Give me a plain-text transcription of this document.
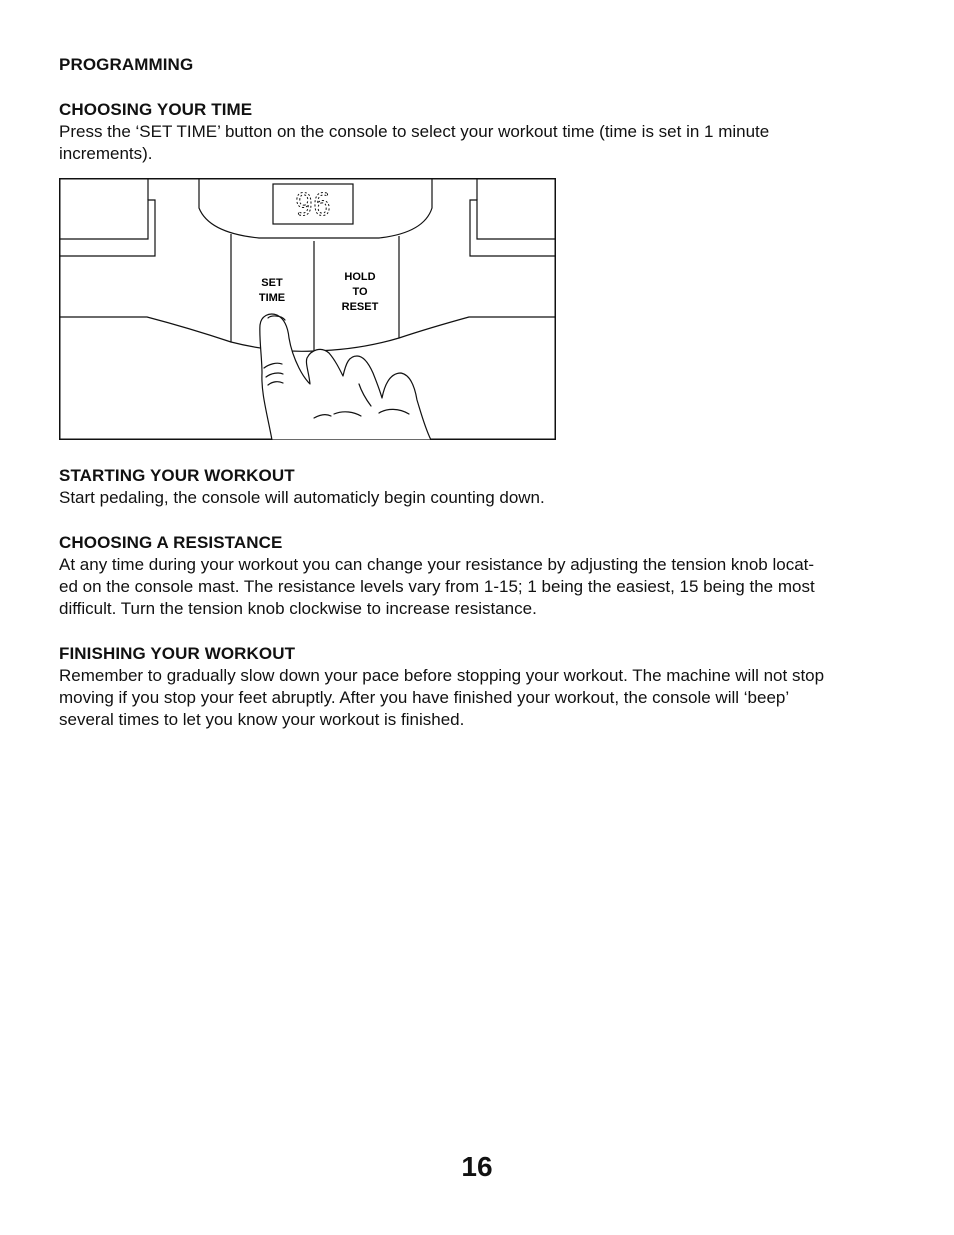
PROGRAMMING

CHOOSING YOUR TIME

Press the ‘SET TIME’ button on the console to select your workout time (time is set in 1 minute

increments).

96
SET
TIME
HOLD
TO
RESET

STARTING YOUR WORKOUT

Start pedaling, the console will automaticly begin counting down.

CHOOSING A RESISTANCE

At any time during your workout you can change your resistance by adjusting the tension knob locat-

ed on the console mast. The resistance levels vary from 1-15; 1 being the easiest, 15 being the most

difficult. Turn the tension knob clockwise to increase resistance.

FINISHING YOUR WORKOUT

Remember to gradually slow down your pace before stopping your workout. The machine will not stop

moving if you stop your feet abruptly. After you have finished your workout, the console will ‘beep’

several times to let you know your workout is finished.

16
